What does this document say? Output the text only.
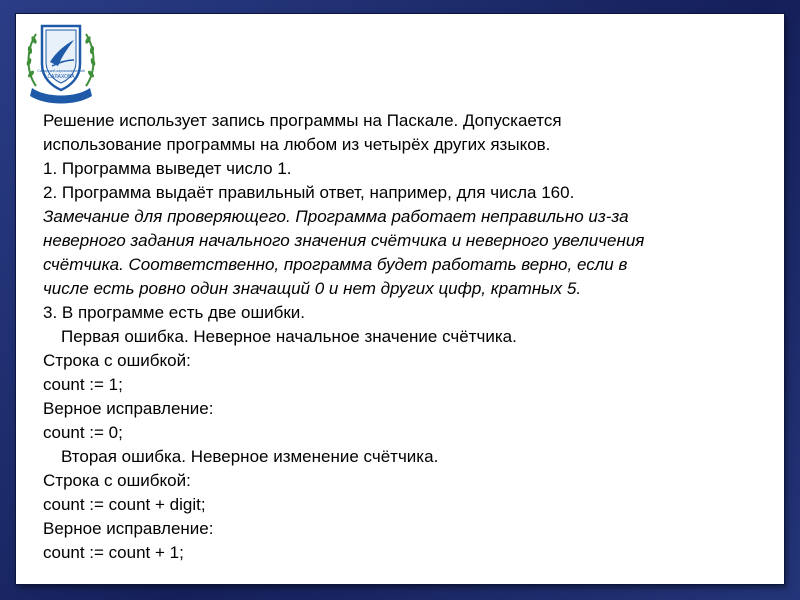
Самарский аэрокосмический
САЛАХОВА
Решение использует запись программы на Паскале. Допускается
использование программы на любом из четырёх других языков.
1. Программа выведет число 1.
2. Программа выдаёт правильный ответ, например, для числа 160.
Замечание для проверяющего. Программа работает неправильно из-за
неверного задания начального значения счётчика и неверного увеличения
счётчика. Соответственно, программа будет работать верно, если в
числе есть ровно один значащий 0 и нет других цифр, кратных 5.
3. В программе есть две ошибки.
Первая ошибка. Неверное начальное значение счётчика.
Строка с ошибкой:
count := 1;
Верное исправление:
count := 0;
Вторая ошибка. Неверное изменение счётчика.
Строка с ошибкой:
count := count + digit;
Верное исправление:
count := count + 1;
